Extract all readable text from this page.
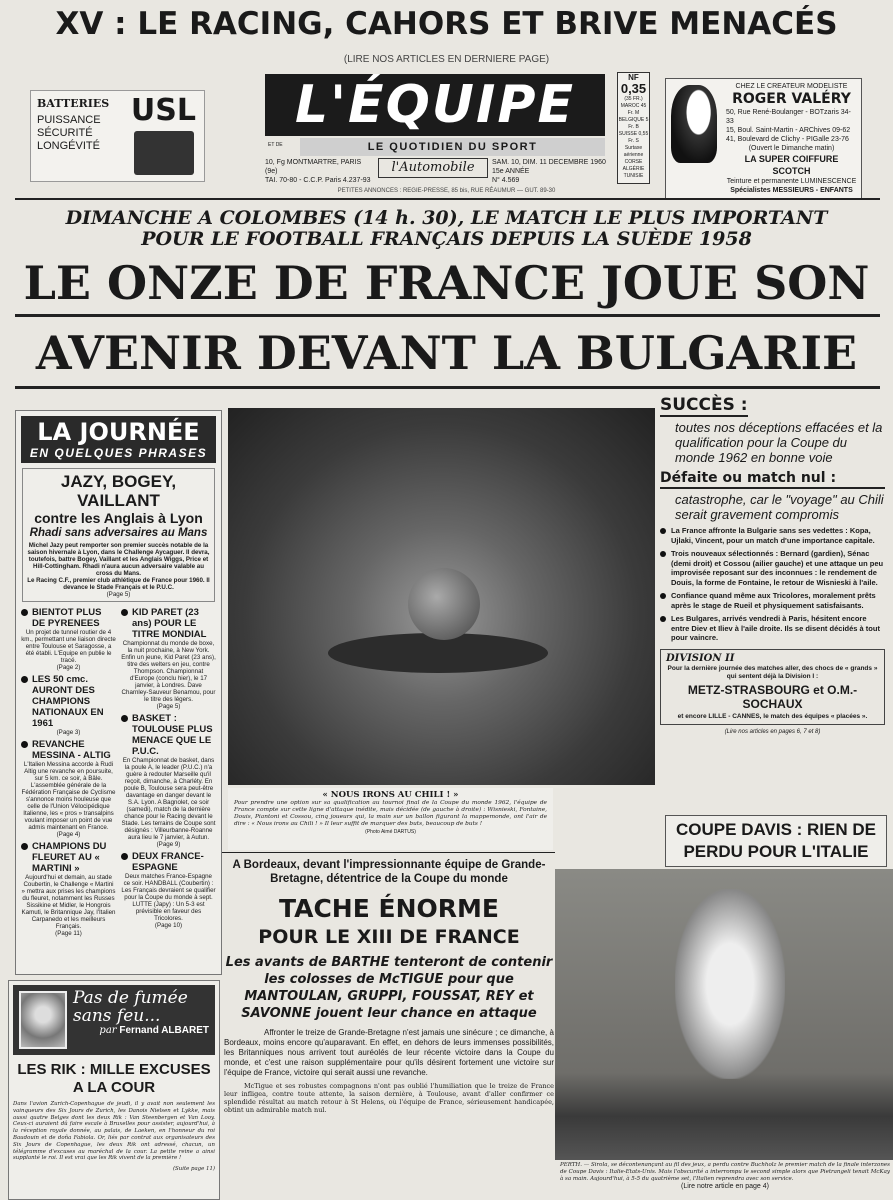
XV : LE RACING, CAHORS ET BRIVE MENACÉS
(LIRE NOS ARTICLES EN DERNIERE PAGE)
BATTERIES USL
PUISSANCE
SÉCURITÉ
LONGÉVITÉ
L'ÉQUIPE
LE QUOTIDIEN DU SPORT
l'Automobile
ET DE
10, Fg MONTMARTRE, PARIS (9e)
TAI. 70-80 - C.C.P. Paris 4.237-93
SAM. 10, DIM. 11 DECEMBRE 1960
15e ANNÉE
N° 4.569
NF
0,35
(35 FR.)
MAROC 45 Fr. M
BELGIQUE 5 Fr. B
SUISSE 0,55 Fr. S
Surtaxe aérienne CORSE
ALGÉRIE TUNISIE
CHEZ LE CREATEUR MODELISTE
ROGER VALÉRY
50, Rue René-Boulanger - BOTzaris 34-33
15, Boul. Saint-Martin - ARChives 09-62
41, Boulevard de Clichy - PIGalle 23-76
(Ouvert le Dimanche matin)
LA SUPER COIFFURE SCOTCH
Teinture et permanente LUMINESCENCE
Spécialistes MESSIEURS - ENFANTS
PETITES ANNONCES : REGIE-PRESSE, 85 bis, RUE RÉAUMUR — GUT. 89-30
DIMANCHE A COLOMBES (14 h. 30), LE MATCH LE PLUS IMPORTANT
POUR LE FOOTBALL FRANÇAIS DEPUIS LA SUÈDE 1958
LE ONZE DE FRANCE JOUE SON
AVENIR DEVANT LA BULGARIE
LA JOURNÉE
EN QUELQUES PHRASES
JAZY, BOGEY, VAILLANT
contre les Anglais à Lyon
Rhadi sans adversaires au Mans
Michel Jazy peut remporter son premier succès notable de la saison hivernale à Lyon, dans le Challenge Aycaguer. Il devra, toutefois, battre Bogey, Vaillant et les Anglais Wiggs, Price et Hill-Cottingham. Rhadi n'aura aucun adversaire valable au cross du Mans.
Le Racing C.F., premier club athlétique de France pour 1960. Il devance le Stade Français et le P.U.C.
(Page 5)
BIENTOT PLUS DE PYRENEES
Un projet de tunnel routier de 4 km., permettant une liaison directe entre Toulouse et Saragosse, a été établi. L'Equipe en publie le tracé.
(Page 2)
LES 50 cmc. AURONT DES CHAMPIONS NATIONAUX EN 1961
(Page 3)
REVANCHE MESSINA - ALTIG
L'Italien Messina accorde à Rudi Altig une revanche en poursuite, sur 5 km. ce soir, à Bâle. L'assemblée générale de la Fédération Française de Cyclisme s'annonce moins houleuse que celle de l'Union Vélocipédique Italienne, les « pros » transalpins voulant imposer un point de vue admis maintenant en France.
(Page 4)
CHAMPIONS DU FLEURET AU « MARTINI »
Aujourd'hui et demain, au stade Coubertin, le Challenge « Martini » mettra aux prises les champions du fleuret, notamment les Russes Sissikine et Midler, le Hongrois Kamuti, le Britannique Jay, l'Italien Carpanedo et les meilleurs Français.
(Page 11)
KID PARET (23 ans) POUR LE TITRE MONDIAL
Championnat du monde de boxe, la nuit prochaine, à New York. Enfin un jeune, Kid Paret (23 ans), titre des welters en jeu, contre Thompson. Championnat d'Europe (conclu hier), le 17 janvier, à Londres. Dave Charnley-Sauveur Benamou, pour le titre des légers.
(Page 5)
BASKET : TOULOUSE PLUS MENACE QUE LE P.U.C.
En Championnat de basket, dans la poule A, le leader (P.U.C.) n'a guère à redouter Marseille qu'il reçoit, dimanche, à Charléty. En poule B, Toulouse sera peut-être davantage en danger devant le S.A. Lyon. A Bagnolet, ce soir (samedi), match de la dernière chance pour le Racing devant le Stade. Les terrains de Coupe sont désignés : Villeurbanne-Roanne aura lieu le 7 janvier, à Autun.
(Page 9)
DEUX FRANCE-ESPAGNE
Deux matches France-Espagne ce soir. HANDBALL (Coubertin) : Les Français devraient se qualifier pour la Coupe du monde à sept. LUTTE (Japy) : Un 5-3 est prévisible en faveur des Tricolores.
(Page 10)
« NOUS IRONS AU CHILI ! »
Pour prendre une option sur sa qualification au tournoi final de la Coupe du monde 1962, l'équipe de France compte sur cette ligne d'attaque inédite, mais décidée (de gauche à droite) : Wisnieski, Fontaine, Douis, Piantoni et Cossou, cinq joueurs qui, la main sur un ballon figurant la mappemonde, ont l'air de dire : « Nous irons au Chili ! » Il leur suffit de marquer des buts, beaucoup de buts !
(Photo Aimé DARTUS)
SUCCÈS :
toutes nos déceptions effacées et la qualification pour la Coupe du monde 1962 en bonne voie
Défaite ou match nul :
catastrophe, car le "voyage" au Chili serait gravement compromis
La France affronte la Bulgarie sans ses vedettes : Kopa, Ujlaki, Vincent, pour un match d'une importance capitale.
Trois nouveaux sélectionnés : Bernard (gardien), Sénac (demi droit) et Cossou (ailier gauche) et une attaque un peu improvisée reposant sur des inconnues : le rendement de Douis, la forme de Fontaine, le retour de Wisnieski à l'aile.
Confiance quand même aux Tricolores, moralement prêts après le stage de Rueil et physiquement satisfaisants.
Les Bulgares, arrivés vendredi à Paris, hésitent encore entre Diev et Iliev à l'aile droite. Ils se disent décidés à tout pour vaincre.
DIVISION II
Pour la dernière journée des matches aller, des chocs de « grands » qui sentent déjà la Division I :
METZ-STRASBOURG et O.M.-SOCHAUX
et encore LILLE - CANNES, le match des équipes « placées ».
(Lire nos articles en pages 6, 7 et 8)
COUPE DAVIS : RIEN DE PERDU POUR L'ITALIE
PERTH. — Sirola, se décontenançant au fil des jeux, a perdu contre Buchholz le premier match de la finale interzones de Coupe Davis : Italie-Etats-Unis. Mais l'obscurité a interrompu le second simple alors que Pietrangeli tenait McKay à sa main. Aujourd'hui, à 5-5 du quatrième set, l'Italien reprendra avec son service.
(Lire notre article en page 4)
A Bordeaux, devant l'impressionnante équipe de Grande-Bretagne, détentrice de la Coupe du monde
TACHE ÉNORME
POUR LE XIII DE FRANCE
Les avants de BARTHE tenteront de contenir les colosses de McTIGUE pour que MANTOULAN, GRUPPI, FOUSSAT, REY et SAVONNE jouent leur chance en attaque
Affronter le treize de Grande-Bretagne n'est jamais une sinécure ; ce dimanche, à Bordeaux, moins encore qu'auparavant. En effet, en dehors de leurs immenses possibilités, les Britanniques nous arrivent tout auréolés de leur récente victoire dans la Coupe du monde, et c'est une raison supplémentaire pour qu'ils désirent fortement une victoire sur l'équipe de France, victoire qui serait aussi une revanche.
McTigue et ses robustes compagnons n'ont pas oublié l'humiliation que le treize de France leur infligea, contre toute attente, la saison dernière, à Toulouse, avant d'aller confirmer ce splendide résultat au match retour à St Helens, où l'équipe de France, sérieusement handicapée, obtint un admirable match nul.
Pas de fumée sans feu...
par Fernand ALBARET
LES RIK : MILLE EXCUSES A LA COUR
Dans l'avion Zurich-Copenhague de jeudi, il y avait non seulement les vainqueurs des Six Jours de Zurich, les Danois Nielsen et Lykke, mais aussi quatre Belges dont les deux Rik : Van Steenbergen et Van Looy. Ceux-ci auraient dû faire escale à Bruxelles pour assister, aujourd'hui, à la réception royale donnée, au palais, de Laeken, en l'honneur du roi Baudouin et de doña Fabiola. Or, liés par contrat aux organisateurs des Six Jours de Copenhague, les deux Rik ont adressé, chacun, un télégramme d'excuses au maréchal de la cour. La petite reine a ainsi supplanté le roi. Il est vrai que les Rik vivent de la première !
(Suite page 11)
